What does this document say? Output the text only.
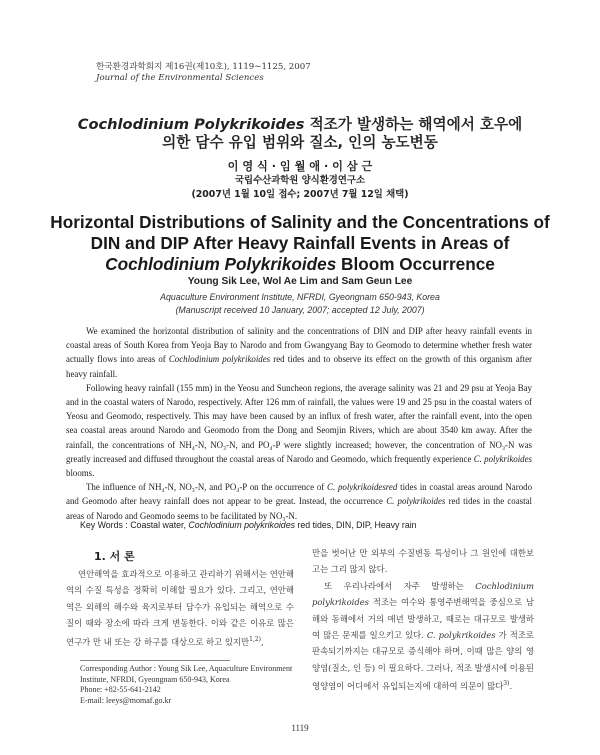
한국환경과학회지 제16권(제10호), 1119∼1125, 2007
Journal of the Environmental Sciences
Cochlodinium Polykrikoides 적조가 발생하는 해역에서 호우에
의한 담수 유입 범위와 질소, 인의 농도변동
이 영 식 · 임 월 애 · 이 삼 근
국립수산과학원 양식환경연구소
(2007년 1월 10일 접수; 2007년 7월 12일 채택)
Horizontal Distributions of Salinity and the Concentrations of
DIN and DIP After Heavy Rainfall Events in Areas of
Cochlodinium Polykrikoides Bloom Occurrence
Young Sik Lee, Wol Ae Lim and Sam Geun Lee
Aquaculture Environment Institute, NFRDI, Gyeongnam 650-943, Korea
(Manuscript received 10 January, 2007; accepted 12 July, 2007)

We examined the horizontal distribution of salinity and the concentrations of DIN and DIP after heavy rainfall events in coastal areas of South Korea from Yeoja Bay to Narodo and from Gwangyang Bay to Geomodo to determine whether fresh water actually flows into areas of Cochlodinium polykrikoides red tides and to observe its effect on the growth of this organism after heavy rainfall.

Following heavy rainfall (155 mm) in the Yeosu and Suncheon regions, the average salinity was 21 and 29 psu at Yeoja Bay and in the coastal waters of Narodo, respectively. After 126 mm of rainfall, the values were 19 and 25 psu in the coastal waters of Yeosu and Geomodo, respectively. This may have been caused by an influx of fresh water, after the rainfall event, into the open sea coastal areas around Narodo and Geomodo from the Dong and Seomjin Rivers, which are about 3540 km away. After the rainfall, the concentrations of NH₄-N, NO₃-N, and PO₄-P were slightly increased; however, the concentration of NO₃-N was greatly increased and diffused throughout the coastal areas of Narodo and Geomodo, which frequently experience C. polykrikoides blooms.

The influence of NH₄-N, NO₃-N, and PO₄-P on the occurrence of C. polykrikoidesred tides in coastal areas around Narodo and Geomodo after heavy rainfall does not appear to be great. Instead, the occurrence C. polykrikoides red tides in the coastal areas of Narodo and Geomodo seems to be facilitated by NO₃-N.

Key Words : Coastal water, Cochlodinium polykrikoides red tides, DIN, DIP, Heavy rain
1. 서 론

연안해역을 효과적으로 이용하고 관리하기 위해서는 연안해역의 수질 특성을 정확히 이해할 필요가 있다. 그리고, 연안해역은 외해의 해수와 육지로부터 담수가 유입되는 해역으로 수질이 때와 장소에 따라 크게 변동한다. 이와 같은 이유로 많은 연구가 만 내 또는 강 하구를 대상으로 하고 있지만$^{1,2)}$,

Corresponding Author : Young Sik Lee, Aquaculture Environment Institute, NFRDI, Gyeongnam 650-943, Korea
Phone: +82-55-641-2142
E-mail: leeys@momaf.go.kr

만을 벗어난 만 외부의 수질변동 특성이나 그 원인에 대한보고는 그리 많지 않다.

또 우리나라에서 자주 발생하는 Cochlodinium polykrikoides 적조는 여수와 통영주변해역을 중심으로 남해와 동해에서 거의 매년 발생하고, 때로는 대규모로 발생하여 많은 문제를 일으키고 있다. C. polykrikoides 가 적조로 판속되기까지는 대규모로 증식해야 하며, 이때 많은 양의 영양염(질소, 인 등) 이 필요하다. 그러나, 적조 발생시에 이용된 영양염이 어디에서 유입되는지에 대하여 의문이 많다$^{3)}$.

1119
